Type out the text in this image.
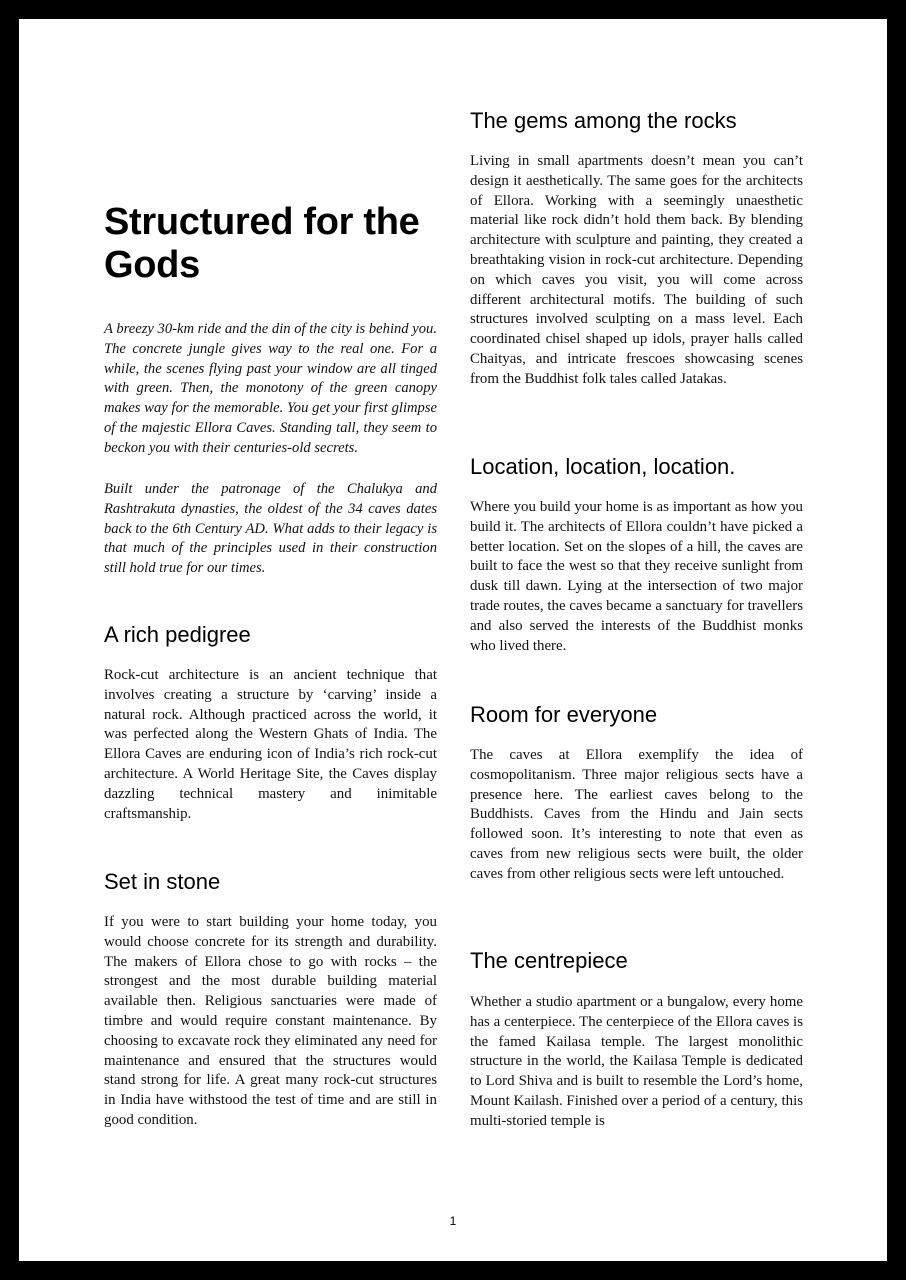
Structured for the Gods

A breezy 30-km ride and the din of the city is behind you. The concrete jungle gives way to the real one. For a while, the scenes flying past your window are all tinged with green. Then, the monotony of the green canopy makes way for the memorable. You get your first glimpse of the majestic Ellora Caves. Standing tall, they seem to beckon you with their centuries-old secrets.

Built under the patronage of the Chalukya and Rashtrakuta dynasties, the oldest of the 34 caves dates back to the 6th Century AD. What adds to their legacy is that much of the principles used in their construction still hold true for our times.

A rich pedigree

Rock-cut architecture is an ancient technique that involves creating a structure by ‘carving’ inside a natural rock. Although practiced across the world, it was perfected along the Western Ghats of India. The Ellora Caves are enduring icon of India’s rich rock-cut architecture. A World Heritage Site, the Caves display dazzling technical mastery and inimitable craftsmanship.

Set in stone

If you were to start building your home today, you would choose concrete for its strength and durability. The makers of Ellora chose to go with rocks – the strongest and the most durable building material available then. Religious sanctuaries were made of timbre and would require constant maintenance. By choosing to excavate rock they eliminated any need for maintenance and ensured that the structures would stand strong for life. A great many rock-cut structures in India have withstood the test of time and are still in good condition.

The gems among the rocks

Living in small apartments doesn’t mean you can’t design it aesthetically. The same goes for the architects of Ellora. Working with a seemingly unaesthetic material like rock didn’t hold them back. By blending architecture with sculpture and painting, they created a breathtaking vision in rock-cut architecture. Depending on which caves you visit, you will come across different architectural motifs. The building of such structures involved sculpting on a mass level. Each coordinated chisel shaped up idols, prayer halls called Chaityas, and intricate frescoes showcasing scenes from the Buddhist folk tales called Jatakas.

Location, location, location.

Where you build your home is as important as how you build it. The architects of Ellora couldn’t have picked a better location. Set on the slopes of a hill, the caves are built to face the west so that they receive sunlight from dusk till dawn. Lying at the intersection of two major trade routes, the caves became a sanctuary for travellers and also served the interests of the Buddhist monks who lived there.

Room for everyone

The caves at Ellora exemplify the idea of cosmopolitanism. Three major religious sects have a presence here. The earliest caves belong to the Buddhists. Caves from the Hindu and Jain sects followed soon. It’s interesting to note that even as caves from new religious sects were built, the older caves from other religious sects were left untouched.

The centrepiece

Whether a studio apartment or a bungalow, every home has a centerpiece. The centerpiece of the Ellora caves is the famed Kailasa temple. The largest monolithic structure in the world, the Kailasa Temple is dedicated to Lord Shiva and is built to resemble the Lord’s home, Mount Kailash. Finished over a period of a century, this multi-storied temple is

1
